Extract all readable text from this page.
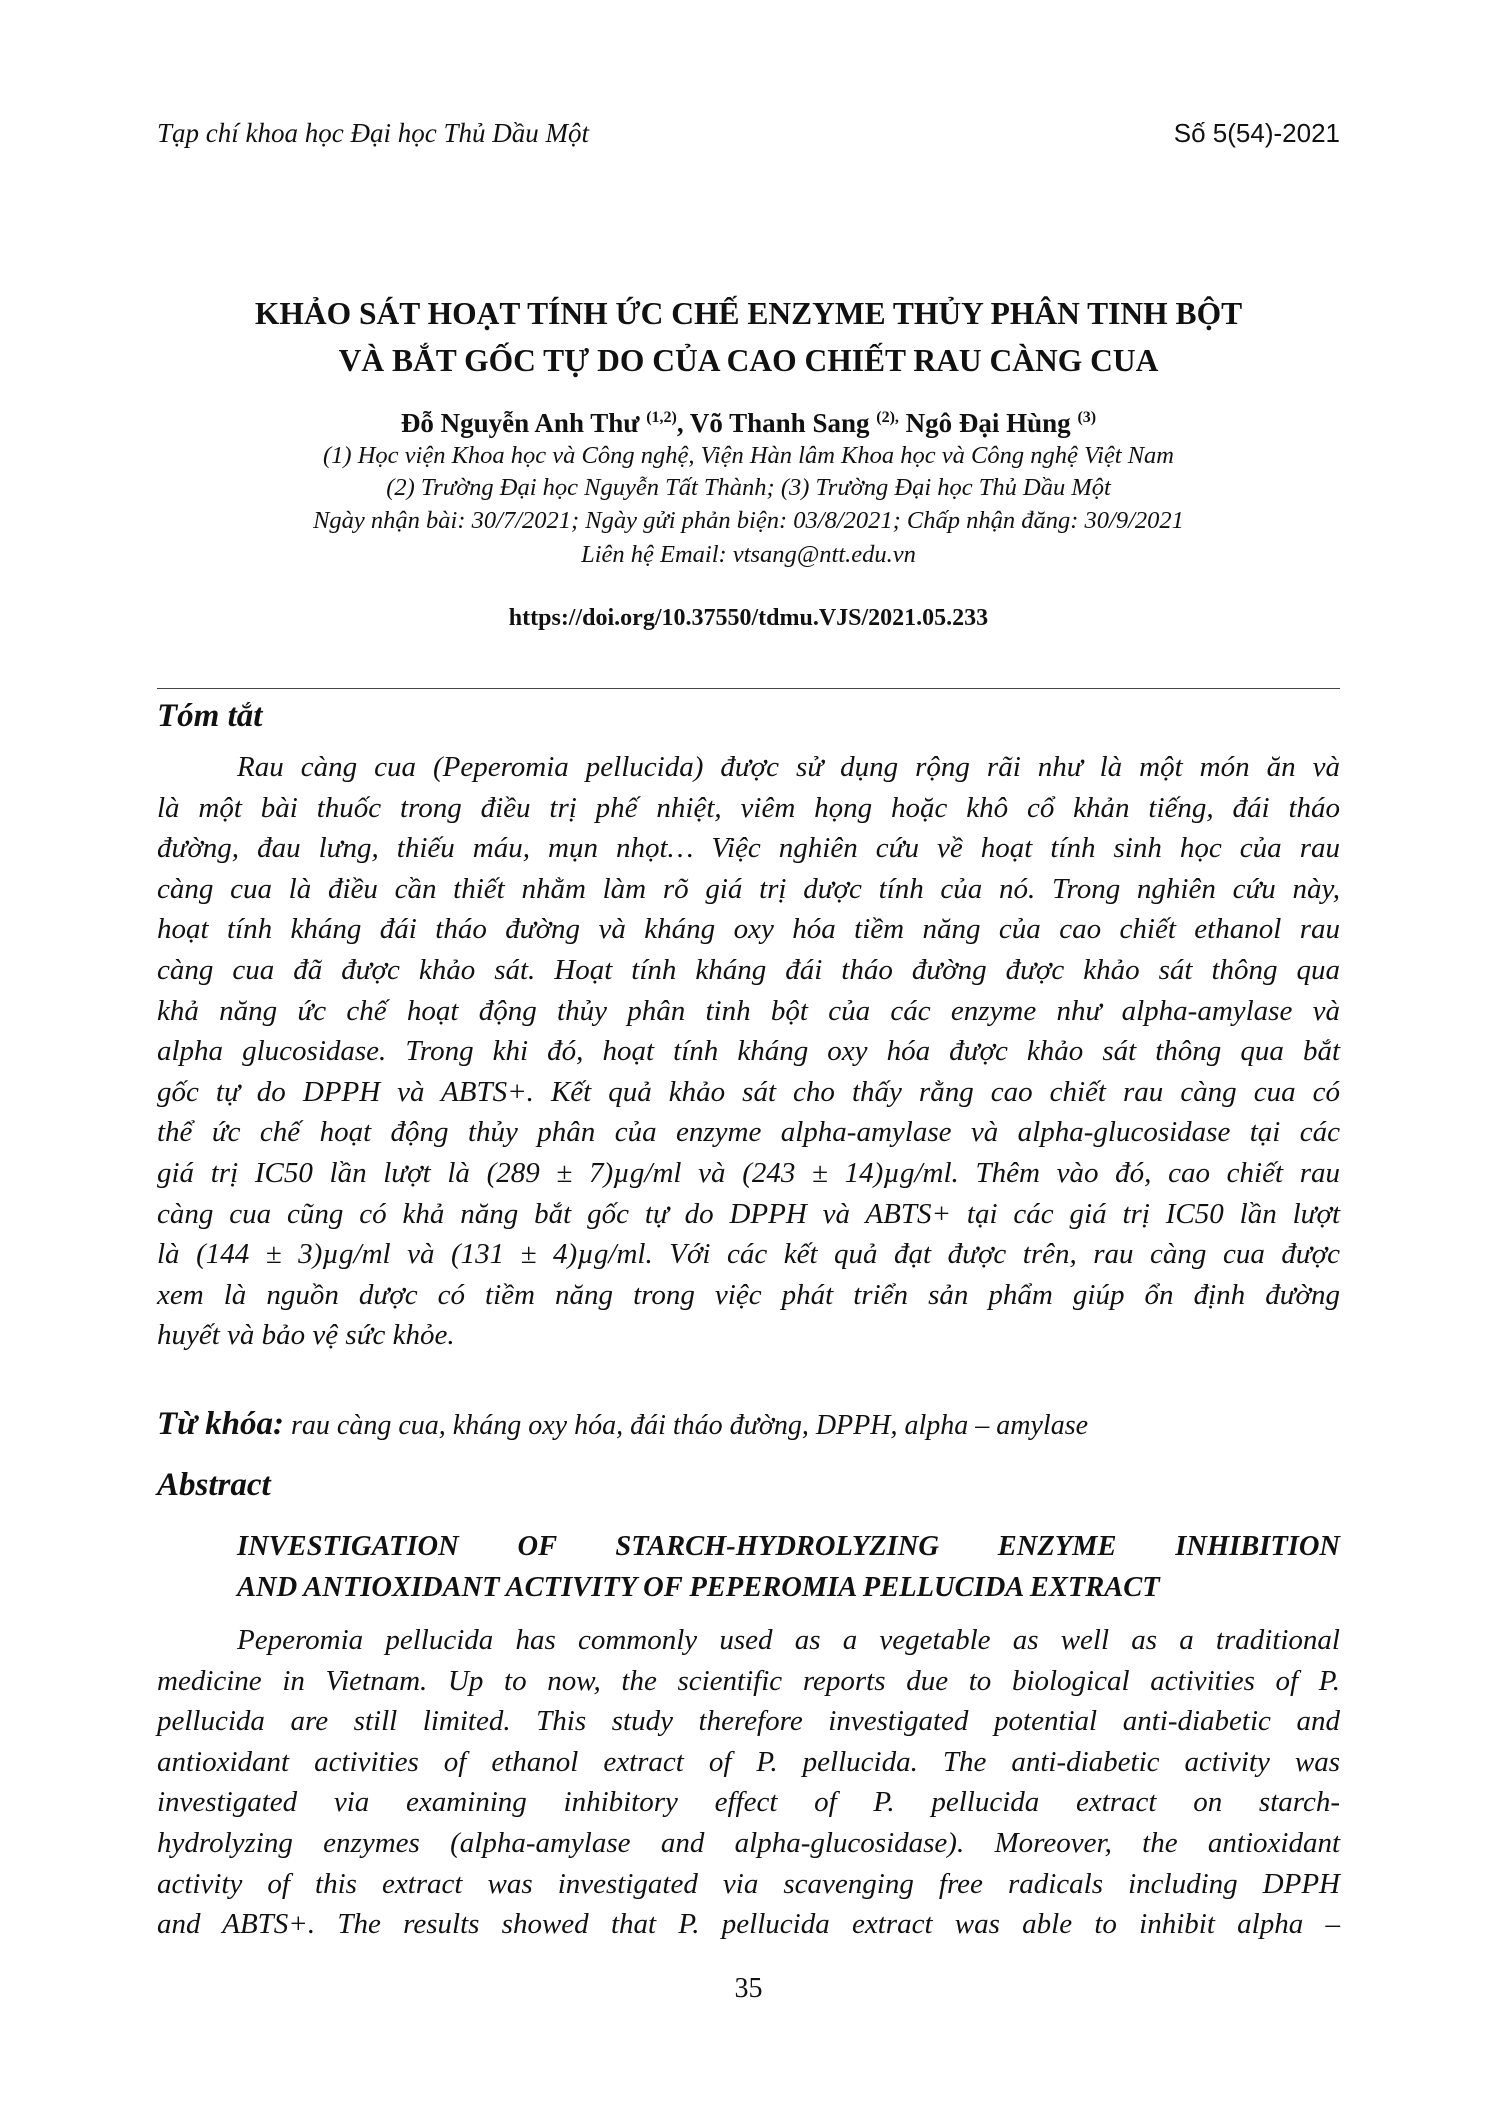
Tạp chí khoa học Đại học Thủ Dầu Một	Số 5(54)-2021
KHẢO SÁT HOẠT TÍNH ỨC CHẾ ENZYME THỦY PHÂN TINH BỘT
VÀ BẮT GỐC TỰ DO CỦA CAO CHIẾT RAU CÀNG CUA
Đỗ Nguyễn Anh Thư $^{(1,2)}$, Võ Thanh Sang $^{(2),}$ Ngô Đại Hùng $^{(3)}$
(1) Học viện Khoa học và Công nghệ, Viện Hàn lâm Khoa học và Công nghệ Việt Nam
(2) Trường Đại học Nguyễn Tất Thành; (3) Trường Đại học Thủ Dầu Một
Ngày nhận bài: 30/7/2021; Ngày gửi phản biện: 03/8/2021; Chấp nhận đăng: 30/9/2021
Liên hệ Email: vtsang@ntt.edu.vn
https://doi.org/10.37550/tdmu.VJS/2021.05.233
Tóm tắt
Rau càng cua (Peperomia pellucida) được sử dụng rộng rãi như là một món ăn và
là một bài thuốc trong điều trị phế nhiệt, viêm họng hoặc khô cổ khản tiếng, đái tháo
đường, đau lưng, thiếu máu, mụn nhọt… Việc nghiên cứu về hoạt tính sinh học của rau
càng cua là điều cần thiết nhằm làm rõ giá trị dược tính của nó. Trong nghiên cứu này,
hoạt tính kháng đái tháo đường và kháng oxy hóa tiềm năng của cao chiết ethanol rau
càng cua đã được khảo sát. Hoạt tính kháng đái tháo đường được khảo sát thông qua
khả năng ức chế hoạt động thủy phân tinh bột của các enzyme như alpha-amylase và
alpha glucosidase. Trong khi đó, hoạt tính kháng oxy hóa được khảo sát thông qua bắt
gốc tự do DPPH và ABTS+. Kết quả khảo sát cho thấy rằng cao chiết rau càng cua có
thể ức chế hoạt động thủy phân của enzyme alpha-amylase và alpha-glucosidase tại các
giá trị IC50 lần lượt là (289 ± 7)µg/ml và (243 ± 14)µg/ml. Thêm vào đó, cao chiết rau
càng cua cũng có khả năng bắt gốc tự do DPPH và ABTS+ tại các giá trị IC50 lần lượt
là (144 ± 3)µg/ml và (131 ± 4)µg/ml. Với các kết quả đạt được trên, rau càng cua được
xem là nguồn dược có tiềm năng trong việc phát triển sản phẩm giúp ổn định đường
huyết và bảo vệ sức khỏe.
Từ khóa: rau càng cua, kháng oxy hóa, đái tháo đường, DPPH, alpha – amylase
Abstract
INVESTIGATION OF STARCH-HYDROLYZING ENZYME INHIBITION
AND ANTIOXIDANT ACTIVITY OF PEPEROMIA PELLUCIDA EXTRACT
Peperomia pellucida has commonly used as a vegetable as well as a traditional
medicine in Vietnam. Up to now, the scientific reports due to biological activities of P.
pellucida are still limited. This study therefore investigated potential anti-diabetic and
antioxidant activities of ethanol extract of P. pellucida. The anti-diabetic activity was
investigated via examining inhibitory effect of P. pellucida extract on starch-
hydrolyzing enzymes (alpha-amylase and alpha-glucosidase). Moreover, the antioxidant
activity of this extract was investigated via scavenging free radicals including DPPH
and ABTS+. The results showed that P. pellucida extract was able to inhibit alpha –
35
